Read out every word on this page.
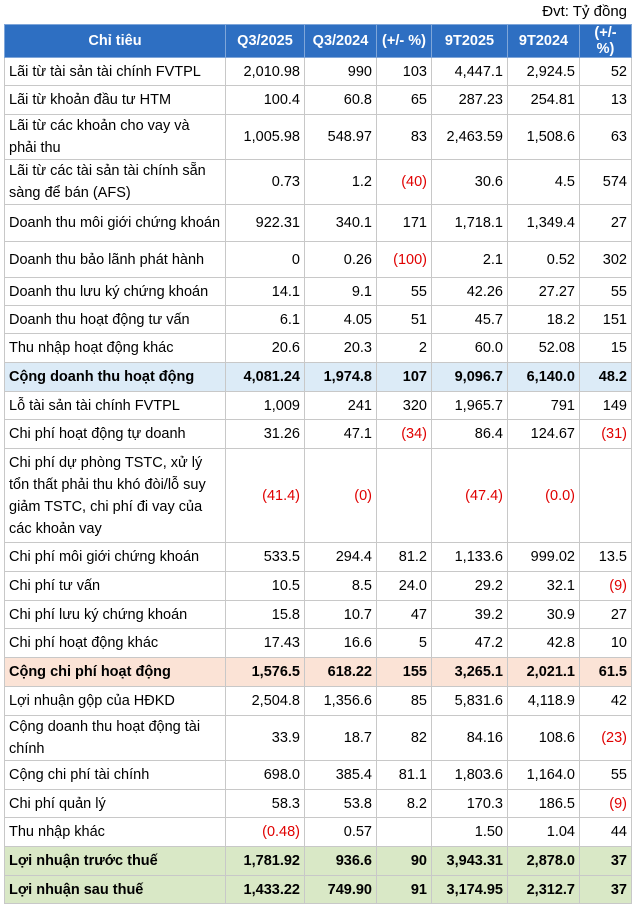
Đvt: Tỷ đồng
Chỉ tiêu	Q3/2025	Q3/2024	(+/- %)	9T2025	9T2024	(+/- %)
Lãi từ tài sản tài chính FVTPL	2,010.98	990	103	4,447.1	2,924.5	52
Lãi từ khoản đầu tư HTM	100.4	60.8	65	287.23	254.81	13
Lãi từ các khoản cho vay và phải thu	1,005.98	548.97	83	2,463.59	1,508.6	63
Lãi từ các tài sản tài chính sẵn sàng để bán (AFS)	0.73	1.2	(40)	30.6	4.5	574
Doanh thu môi giới chứng khoán	922.31	340.1	171	1,718.1	1,349.4	27
Doanh thu bảo lãnh phát hành	0	0.26	(100)	2.1	0.52	302
Doanh thu lưu ký chứng khoán	14.1	9.1	55	42.26	27.27	55
Doanh thu hoạt động tư vấn	6.1	4.05	51	45.7	18.2	151
Thu nhập hoạt động khác	20.6	20.3	2	60.0	52.08	15
Cộng doanh thu hoạt động	4,081.24	1,974.8	107	9,096.7	6,140.0	48.2
Lỗ tài sản tài chính FVTPL	1,009	241	320	1,965.7	791	149
Chi phí hoạt động tự doanh	31.26	47.1	(34)	86.4	124.67	(31)
Chi phí dự phòng TSTC, xử lý tổn thất phải thu khó đòi/lỗ suy giảm TSTC, chi phí đi vay của các khoản vay	(41.4)	(0)		(47.4)	(0.0)	
Chi phí môi giới chứng khoán	533.5	294.4	81.2	1,133.6	999.02	13.5
Chi phí tư vấn	10.5	8.5	24.0	29.2	32.1	(9)
Chi phí lưu ký chứng khoán	15.8	10.7	47	39.2	30.9	27
Chi phí hoạt động khác	17.43	16.6	5	47.2	42.8	10
Cộng chi phí hoạt động	1,576.5	618.22	155	3,265.1	2,021.1	61.5
Lợi nhuận gộp của HĐKD	2,504.8	1,356.6	85	5,831.6	4,118.9	42
Cộng doanh thu hoạt động tài chính	33.9	18.7	82	84.16	108.6	(23)
Cộng chi phí tài chính	698.0	385.4	81.1	1,803.6	1,164.0	55
Chi phí quản lý	58.3	53.8	8.2	170.3	186.5	(9)
Thu nhập khác	(0.48)	0.57		1.50	1.04	44
Lợi nhuận trước thuế	1,781.92	936.6	90	3,943.31	2,878.0	37
Lợi nhuận sau thuế	1,433.22	749.90	91	3,174.95	2,312.7	37
